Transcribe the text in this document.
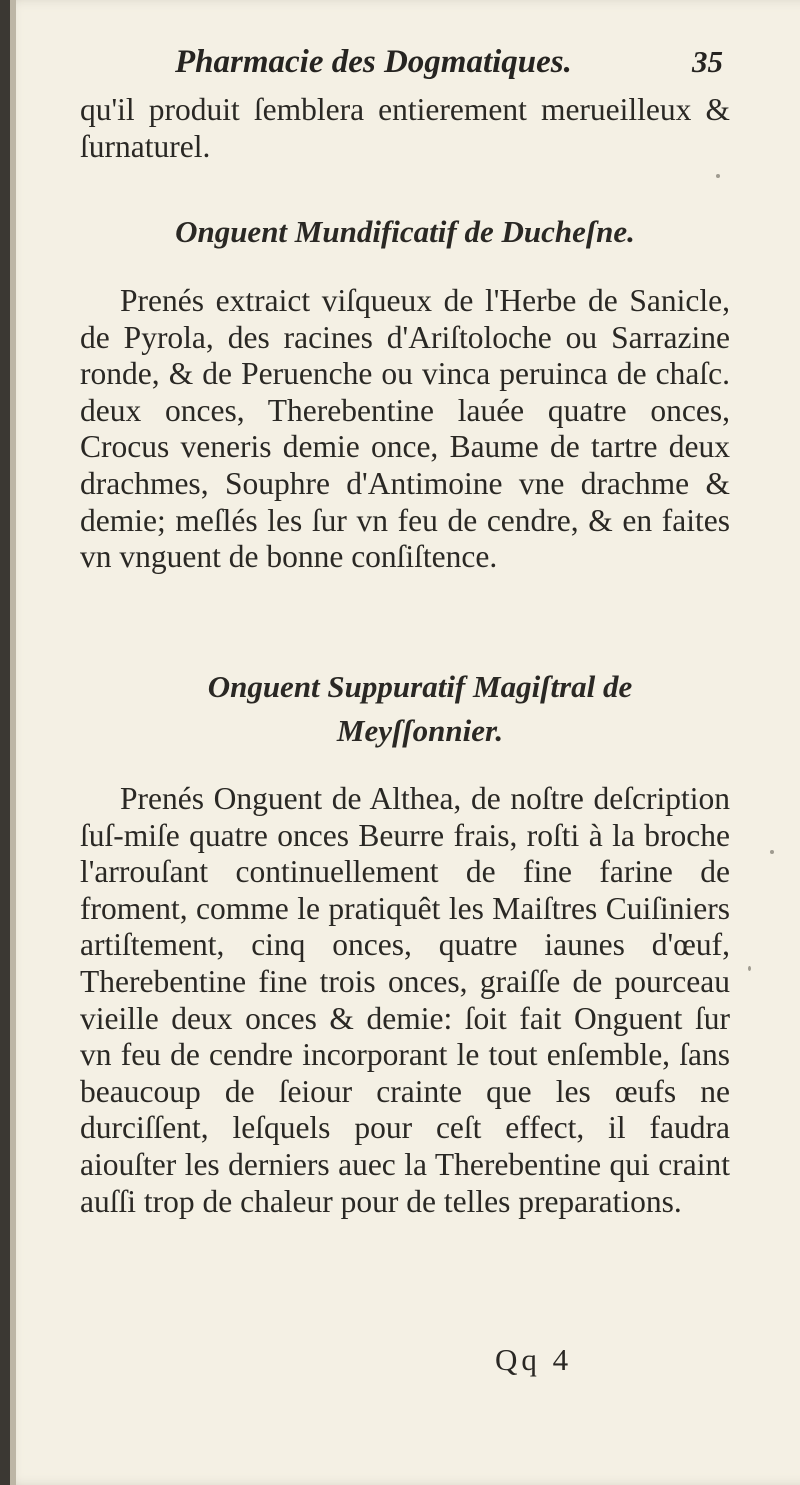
Pharmacie des Dogmatiques.	35

qu'il produit ſemblera entierement merueilleux & ſurnaturel.

Onguent Mundificatif de Ducheſne.

Prenés extraict viſqueux de l'Herbe de Sanicle, de Pyrola, des racines d'Ariſtoloche ou Sarrazine ronde, & de Peruenche ou vinca peruinca de chaſc. deux onces, Therebentine lauée quatre onces, Crocus veneris demie once, Baume de tartre deux drachmes, Souphre d'Antimoine vne drachme & demie; meſlés les ſur vn feu de cendre, & en faites vn vnguent de bonne conſiſtence.

Onguent Suppuratif Magiſtral de Meyſſonnier.

Prenés Onguent de Althea, de noſtre deſcription ſuſ-miſe quatre onces Beurre frais, roſti à la broche l'arrouſant continuellement de fine farine de froment, comme le pratiquêt les Maiſtres Cuiſiniers artiſtement, cinq onces, quatre iaunes d'œuf, Therebentine fine trois onces, graiſſe de pourceau vieille deux onces & demie: ſoit fait Onguent ſur vn feu de cendre incorporant le tout enſemble, ſans beaucoup de ſeiour crainte que les œufs ne durciſſent, leſquels pour ceſt effect, il faudra aiouſter les derniers auec la Therebentine qui craint auſſi trop de chaleur pour de telles preparations.

Qq 4
